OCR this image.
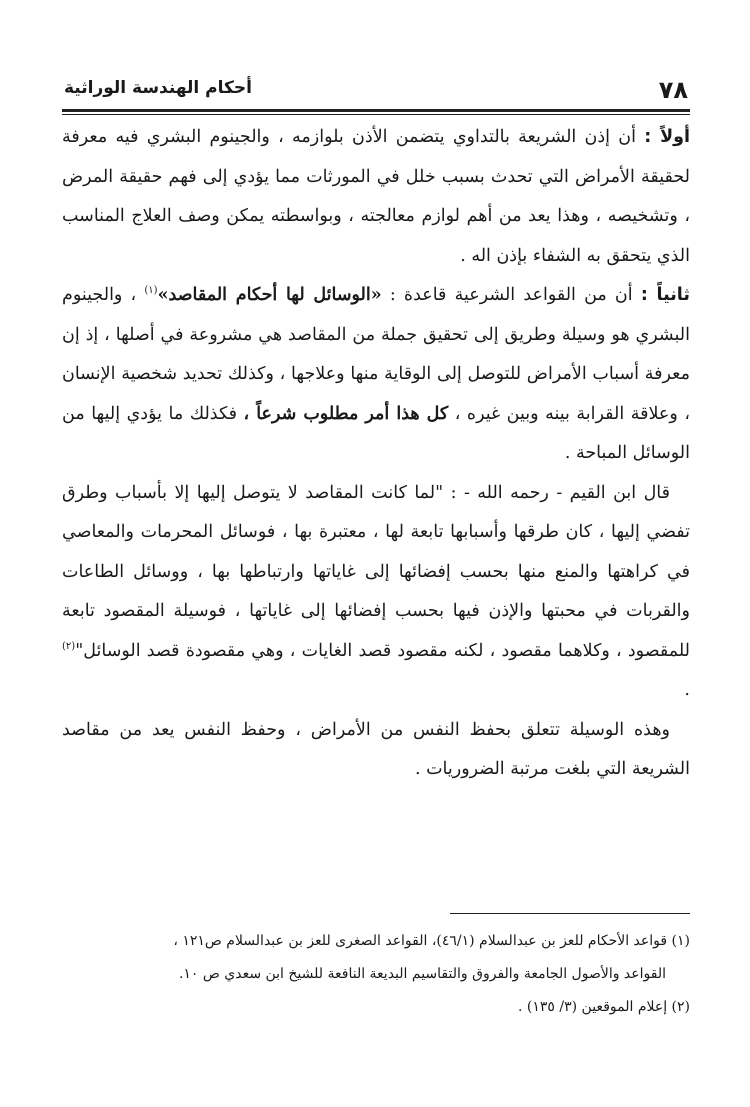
٧٨
أحكام الهندسة الوراثية

أولاً : أن إذن الشريعة بالتداوي يتضمن الأذن بلوازمه ، والجينوم البشري فيه معرفة لحقيقة الأمراض التي تحدث بسبب خلل في المورثات مما يؤدي إلى فهم حقيقة المرض ، وتشخيصه ، وهذا يعد من أهم لوازم معالجته ، وبواسطته يمكن وصف العلاج المناسب الذي يتحقق به الشفاء بإذن اله .

ثانياً : أن من القواعد الشرعية قاعدة : «الوسائل لها أحكام المقاصد»$^{(١)}$ ، والجينوم البشري هو وسيلة وطريق إلى تحقيق جملة من المقاصد هي مشروعة في أصلها ، إذ إن معرفة أسباب الأمراض للتوصل إلى الوقاية منها وعلاجها ، وكذلك تحديد شخصية الإنسان ، وعلاقة القرابة بينه وبين غيره ، كل هذا أمر مطلوب شرعاً ، فكذلك ما يؤدي إليها من الوسائل المباحة .

قال ابن القيم - رحمه الله - : "لما كانت المقاصد لا يتوصل إليها إلا بأسباب وطرق تفضي إليها ، كان طرقها وأسبابها تابعة لها ، معتبرة بها ، فوسائل المحرمات والمعاصي في كراهتها والمنع منها بحسب إفضائها إلى غاياتها وارتباطها بها ، ووسائل الطاعات والقربات في محبتها والإذن فيها بحسب إفضائها إلى غاياتها ، فوسيلة المقصود تابعة للمقصود ، وكلاهما مقصود ، لكنه مقصود قصد الغايات ، وهي مقصودة قصد الوسائل"$^{(٢)}$ .

وهذه الوسيلة تتعلق بحفظ النفس من الأمراض ، وحفظ النفس يعد من مقاصد الشريعة التي بلغت مرتبة الضروريات .

(١) قواعد الأحكام للعز بن عبدالسلام (٤٦/١)، القواعد الصغرى للعز بن عبدالسلام ص١٢١ ،

القواعد والأصول الجامعة والفروق والتقاسيم البديعة النافعة للشيخ ابن سعدي ص ١٠.

(٢) إعلام الموقعين (٣/ ١٣٥) .
